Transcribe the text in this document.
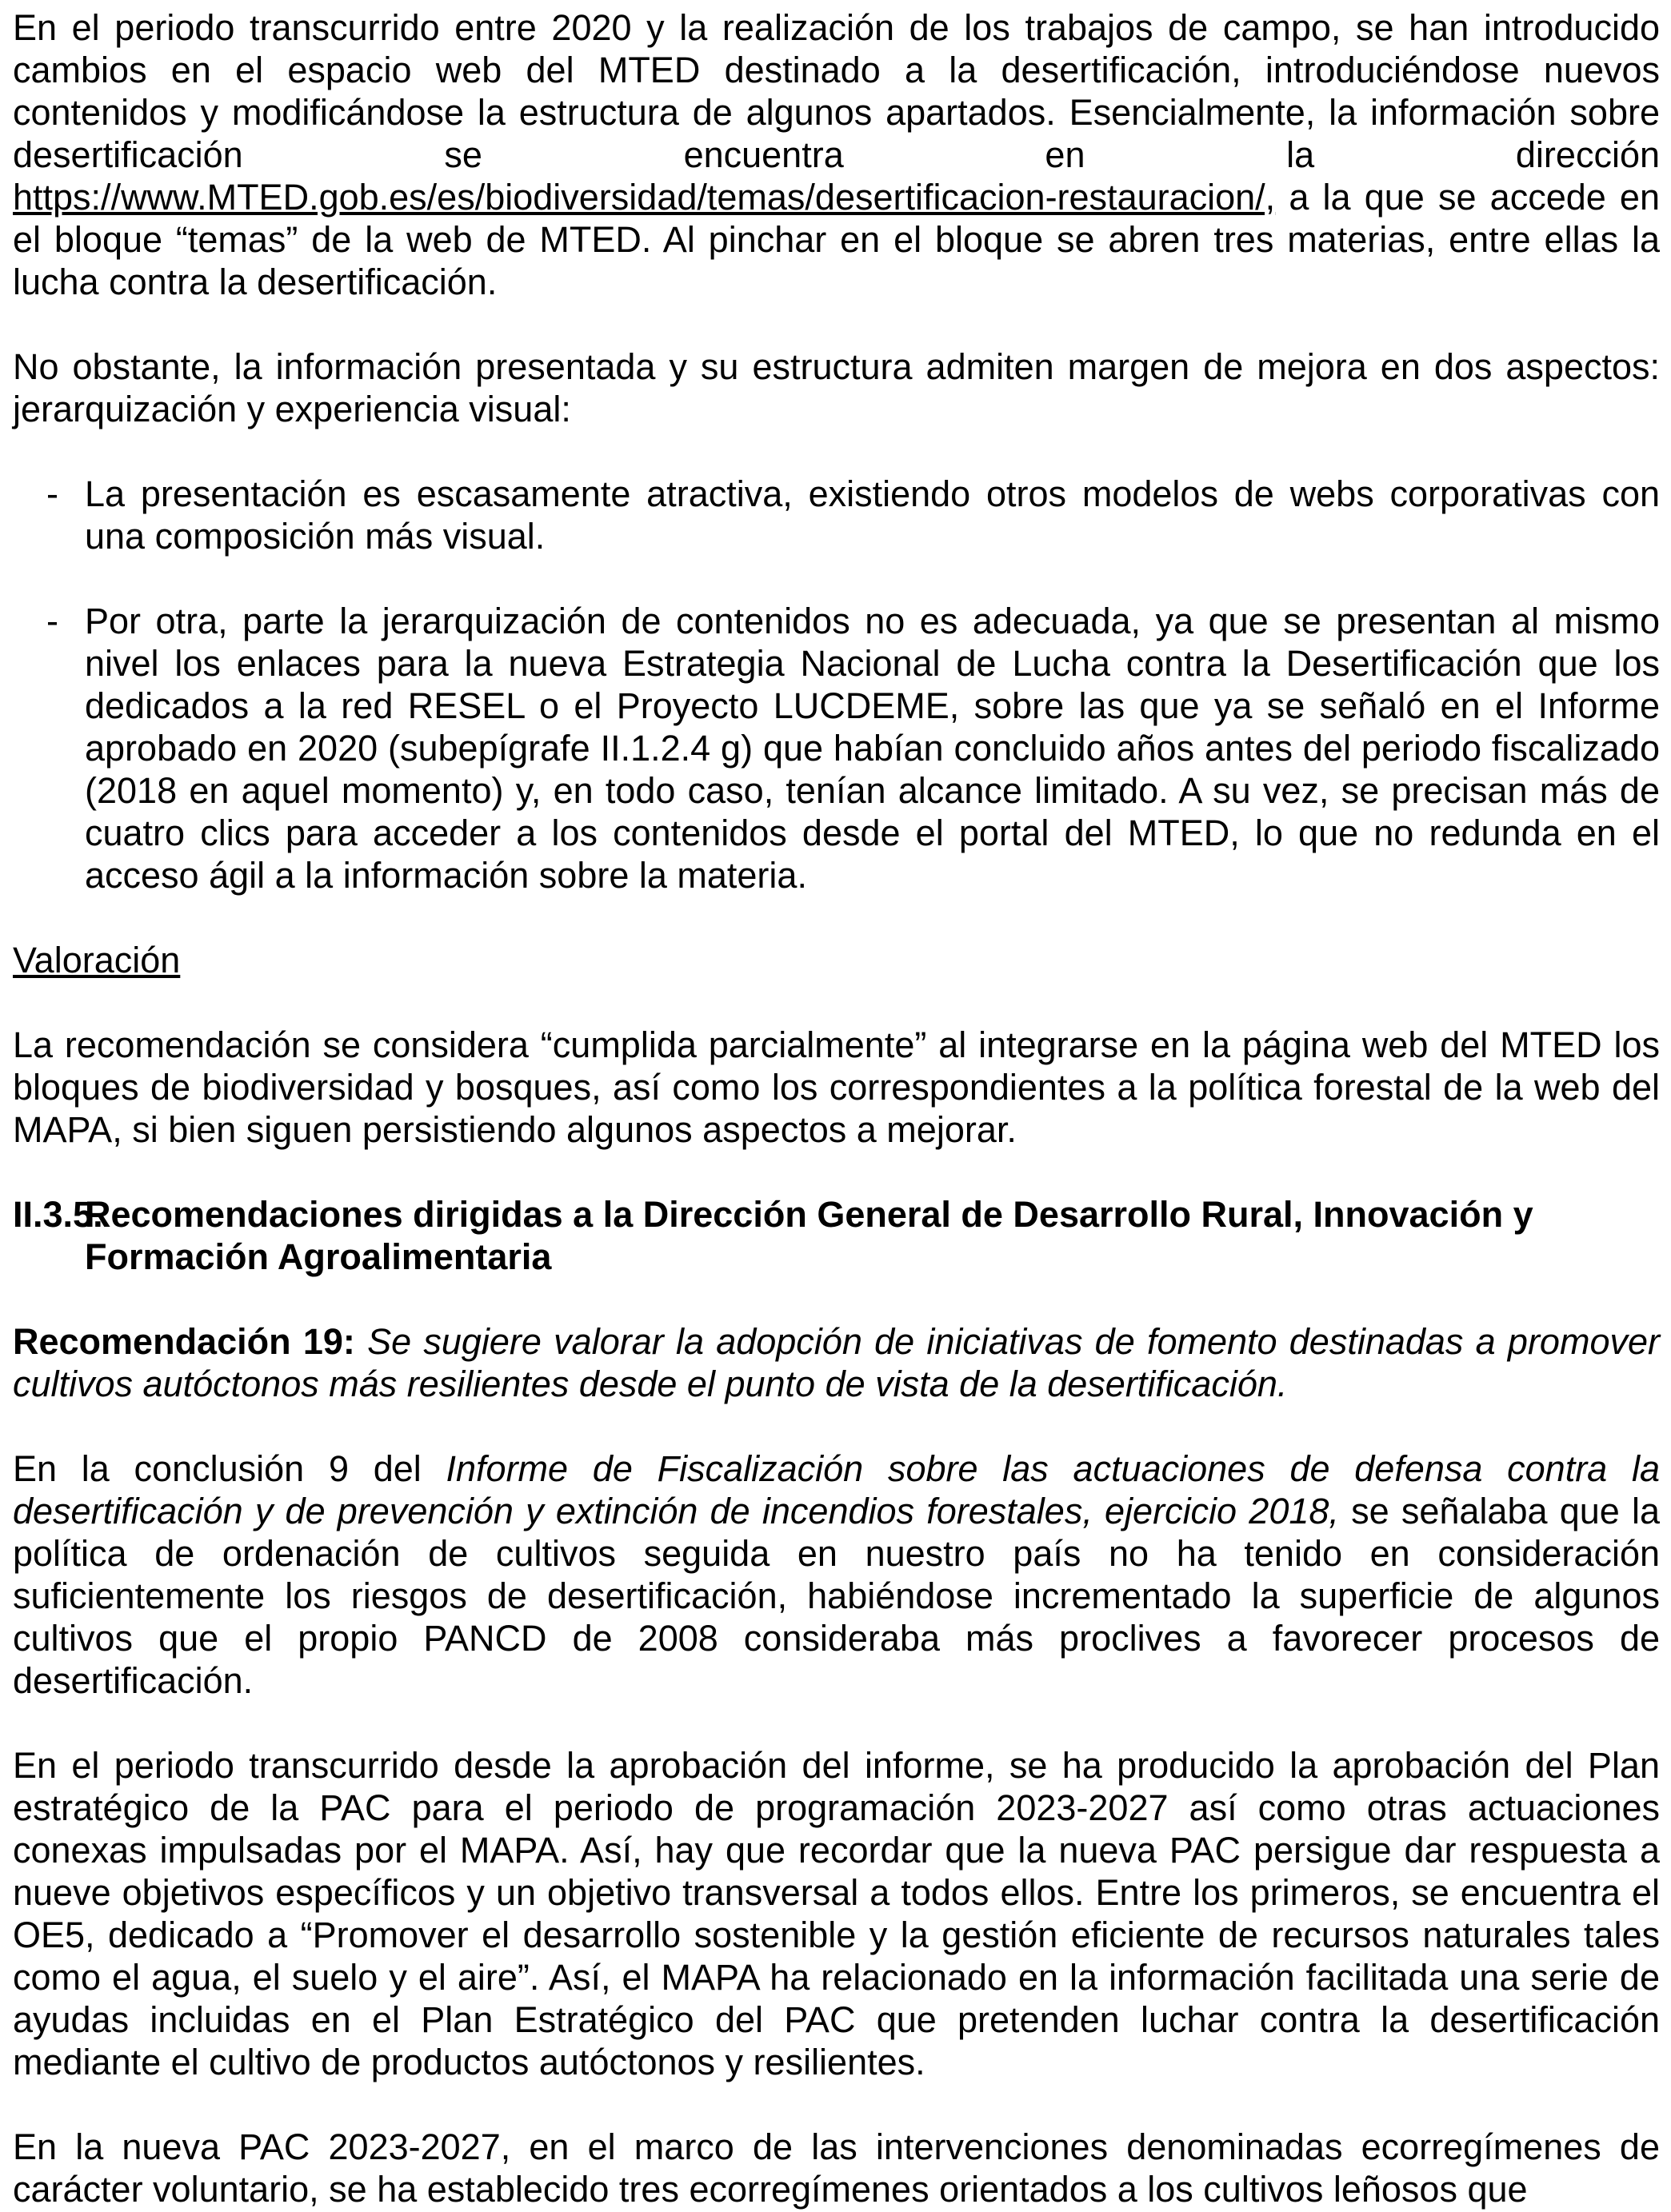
En el periodo transcurrido entre 2020 y la realización de los trabajos de campo, se han introducido cambios en el espacio web del MTED destinado a la desertificación, introduciéndose nuevos contenidos y modificándose la estructura de algunos apartados. Esencialmente, la información sobre desertificación se encuentra en la dirección https://www.MTED.gob.es/es/biodiversidad/temas/desertificacion-restauracion/, a la que se accede en el bloque “temas” de la web de MTED. Al pinchar en el bloque se abren tres materias, entre ellas la lucha contra la desertificación.
No obstante, la información presentada y su estructura admiten margen de mejora en dos aspectos: jerarquización y experiencia visual:
- La presentación es escasamente atractiva, existiendo otros modelos de webs corporativas con una composición más visual.
- Por otra, parte la jerarquización de contenidos no es adecuada, ya que se presentan al mismo nivel los enlaces para la nueva Estrategia Nacional de Lucha contra la Desertificación que los dedicados a la red RESEL o el Proyecto LUCDEME, sobre las que ya se señaló en el Informe aprobado en 2020 (subepígrafe II.1.2.4 g) que habían concluido años antes del periodo fiscalizado (2018 en aquel momento) y, en todo caso, tenían alcance limitado. A su vez, se precisan más de cuatro clics para acceder a los contenidos desde el portal del MTED, lo que no redunda en el acceso ágil a la información sobre la materia.
Valoración
La recomendación se considera “cumplida parcialmente” al integrarse en la página web del MTED los bloques de biodiversidad y bosques, así como los correspondientes a la política forestal de la web del MAPA, si bien siguen persistiendo algunos aspectos a mejorar.
II.3.5.
Recomendaciones dirigidas a la Dirección General de Desarrollo Rural, Innovación y Formación Agroalimentaria
Recomendación 19: Se sugiere valorar la adopción de iniciativas de fomento destinadas a promover cultivos autóctonos más resilientes desde el punto de vista de la desertificación.
En la conclusión 9 del Informe de Fiscalización sobre las actuaciones de defensa contra la desertificación y de prevención y extinción de incendios forestales, ejercicio 2018, se señalaba que la política de ordenación de cultivos seguida en nuestro país no ha tenido en consideración suficientemente los riesgos de desertificación, habiéndose incrementado la superficie de algunos cultivos que el propio PANCD de 2008 consideraba más proclives a favorecer procesos de desertificación.
En el periodo transcurrido desde la aprobación del informe, se ha producido la aprobación del Plan estratégico de la PAC para el periodo de programación 2023-2027 así como otras actuaciones conexas impulsadas por el MAPA. Así, hay que recordar que la nueva PAC persigue dar respuesta a nueve objetivos específicos y un objetivo transversal a todos ellos. Entre los primeros, se encuentra el OE5, dedicado a “Promover el desarrollo sostenible y la gestión eficiente de recursos naturales tales como el agua, el suelo y el aire”. Así, el MAPA ha relacionado en la información facilitada una serie de ayudas incluidas en el Plan Estratégico del PAC que pretenden luchar contra la desertificación mediante el cultivo de productos autóctonos y resilientes.
En la nueva PAC 2023-2027, en el marco de las intervenciones denominadas ecorregímenes de carácter voluntario, se ha establecido tres ecorregímenes orientados a los cultivos leñosos que
